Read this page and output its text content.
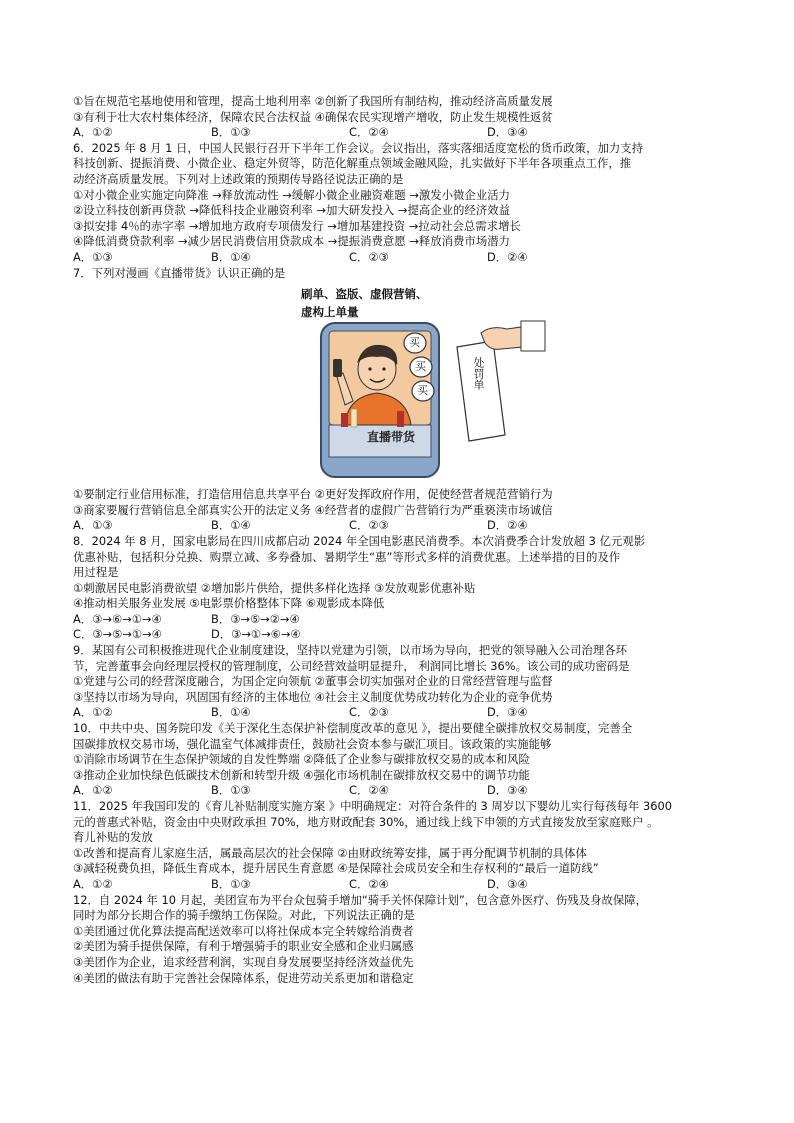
①旨在规范宅基地使用和管理，提高土地利用率 ②创新了我国所有制结构，推动经济高质量发展
③有利于壮大农村集体经济，保障农民合法权益 ④确保农民实现增产增收，防止发生规模性返贫
A．①②	B．①③	C．②④	D．③④
6．2025 年 8 月 1 日，中国人民银行召开下半年工作会议。会议指出，落实落细适度宽松的货币政策，加力支持
科技创新、提振消费、小微企业、稳定外贸等，防范化解重点领域金融风险，扎实做好下半年各项重点工作，推
动经济高质量发展。下列对上述政策的预期传导路径说法正确的是
①对小微企业实施定向降准 →释放流动性 →缓解小微企业融资难题 →激发小微企业活力
②设立科技创新再贷款 →降低科技企业融资利率 →加大研发投入 →提高企业的经济效益
③拟安排 4％的赤字率 →增加地方政府专项债发行 →增加基建投资 →拉动社会总需求增长
④降低消费贷款利率 →减少居民消费信用贷款成本 →提振消费意愿 →释放消费市场潜力
A．①③	B．①④	C．②③	D．②④
7．下列对漫画《直播带货》认识正确的是
刷单、盗版、虚假营销、
虚构上单量
买
买
买
处罚单
直播带货
①要制定行业信用标准，打造信用信息共享平台 ②更好发挥政府作用，促使经营者规范营销行为
③商家要履行营销信息全部真实公开的法定义务 ④经营者的虚假广告营销行为严重亵渎市场诚信
A．①③	B．①④	C．②③	D．②④
8．2024 年 8 月，国家电影局在四川成都启动 2024 年全国电影惠民消费季。本次消费季合计发放超 3 亿元观影
优惠补贴，包括积分兑换、购票立减、多券叠加、暑期学生“惠”等形式多样的消费优惠。上述举措的目的及作
用过程是
①刺激居民电影消费欲望 ②增加影片供给，提供多样化选择 ③发放观影优惠补贴
④推动相关服务业发展 ⑤电影票价格整体下降 ⑥观影成本降低
A．③→⑥→①→④	B．③→⑤→②→④
C．③→⑤→①→④	D．③→①→⑥→④
9．某国有公司积极推进现代企业制度建设，坚持以党建为引领，以市场为导向，把党的领导融入公司治理各环
节，完善董事会向经理层授权的管理制度，公司经营效益明显提升， 利润同比增长 36%。该公司的成功密码是
①党建与公司的经营深度融合，为国企定向领航 ②董事会切实加强对企业的日常经营管理与监督
③坚持以市场为导向，巩固国有经济的主体地位 ④社会主义制度优势成功转化为企业的竞争优势
A．①②	B．①④	C．②③	D．③④
10．中共中央、国务院印发《关于深化生态保护补偿制度改革的意见 》，提出要健全碳排放权交易制度，完善全
国碳排放权交易市场，强化温室气体减排责任，鼓励社会资本参与碳汇项目。该政策的实施能够
①消除市场调节在生态保护领域的自发性弊端 ②降低了企业参与碳排放权交易的成本和风险
③推动企业加快绿色低碳技术创新和转型升级 ④强化市场机制在碳排放权交易中的调节功能
A．①②	B．①③	C．②④	D．③④
11．2025 年我国印发的《育儿补贴制度实施方案 》中明确规定：对符合条件的 3 周岁以下婴幼儿实行每孩每年 3600
元的普惠式补贴，资金由中央财政承担 70%，地方财政配套 30%，通过线上线下申领的方式直接发放至家庭账户 。
育儿补贴的发放
①改善和提高育儿家庭生活，属最高层次的社会保障 ②由财政统筹安排，属于再分配调节机制的具体体
③减轻税费负担，降低生育成本，提升居民生育意愿 ④是保障社会成员安全和生存权利的“最后一道防线”
A．①②	B．①③	C．②④	D．③④
12．自 2024 年 10 月起，美团宣布为平台众包骑手增加“骑手关怀保障计划”，包含意外医疗、伤残及身故保障，
同时为部分长期合作的骑手缴纳工伤保险。对此，下列说法正确的是
①美团通过优化算法提高配送效率可以将社保成本完全转嫁给消费者
②美团为骑手提供保障，有利于增强骑手的职业安全感和企业归属感
③美团作为企业，追求经营利润，实现自身发展要坚持经济效益优先
④美团的做法有助于完善社会保障体系，促进劳动关系更加和谐稳定
